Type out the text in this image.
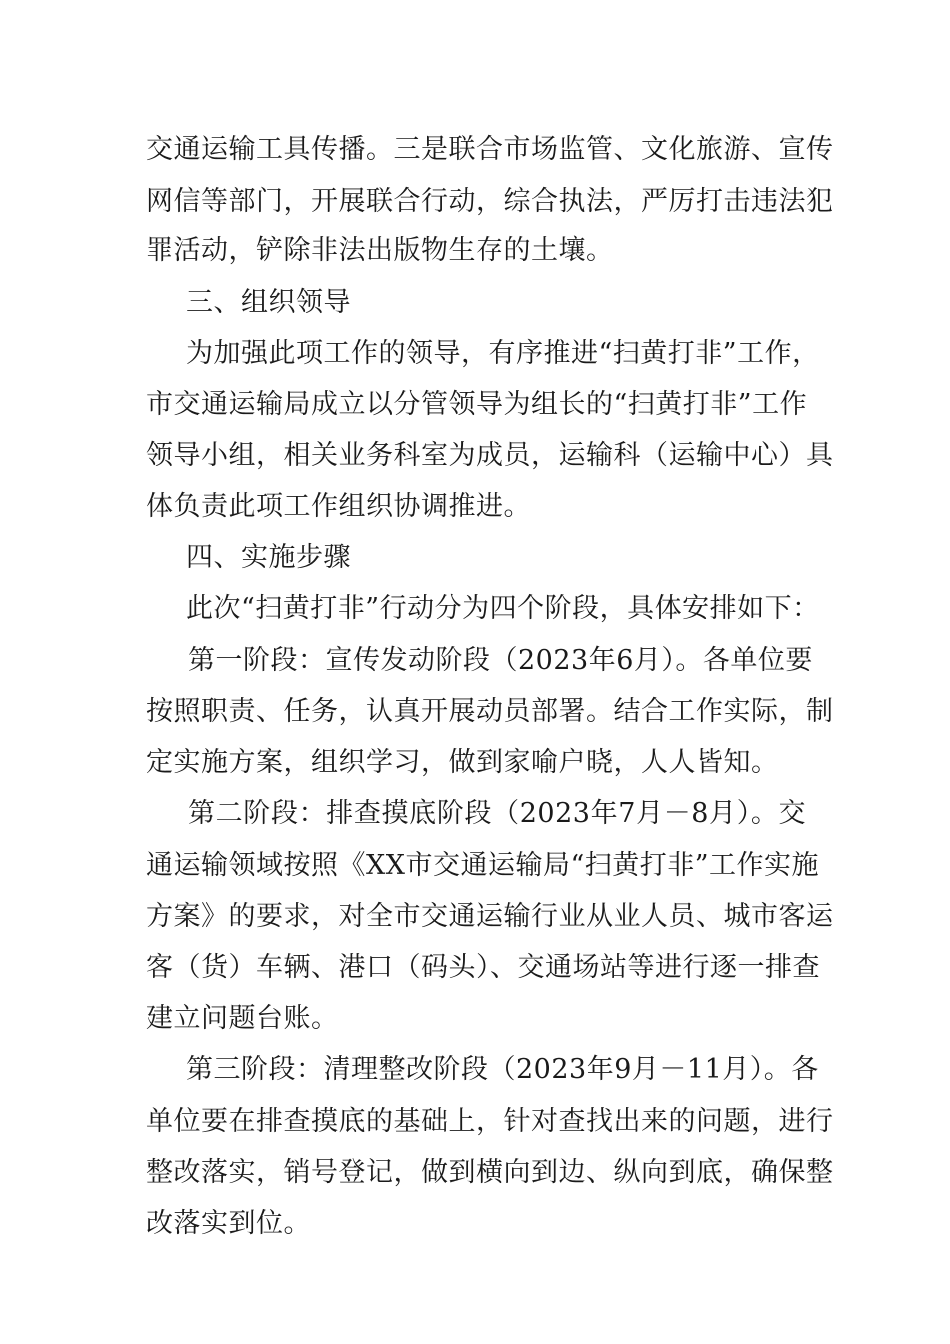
交通运输工具传播。三是联合市场监管、文化旅游、宣传
网信等部门，开展联合行动，综合执法，严厉打击违法犯
罪活动，铲除非法出版物生存的土壤。
三、组织领导
为加强此项工作的领导，有序推进“扫黄打非”工作，
市交通运输局成立以分管领导为组长的“扫黄打非”工作
领导小组，相关业务科室为成员，运输科（运输中心）具
体负责此项工作组织协调推进。
四、实施步骤
此次“扫黄打非”行动分为四个阶段，具体安排如下：
第一阶段：宣传发动阶段（2023年6月）。各单位要
按照职责、任务，认真开展动员部署。结合工作实际，制
定实施方案，组织学习，做到家喻户晓，人人皆知。
第二阶段：排查摸底阶段（2023年7月－8月）。交
通运输领域按照《XX市交通运输局“扫黄打非”工作实施
方案》的要求，对全市交通运输行业从业人员、城市客运
客（货）车辆、港口（码头）、交通场站等进行逐一排查
建立问题台账。
第三阶段：清理整改阶段（2023年9月－11月）。各
单位要在排查摸底的基础上，针对查找出来的问题，进行
整改落实，销号登记，做到横向到边、纵向到底，确保整
改落实到位。
